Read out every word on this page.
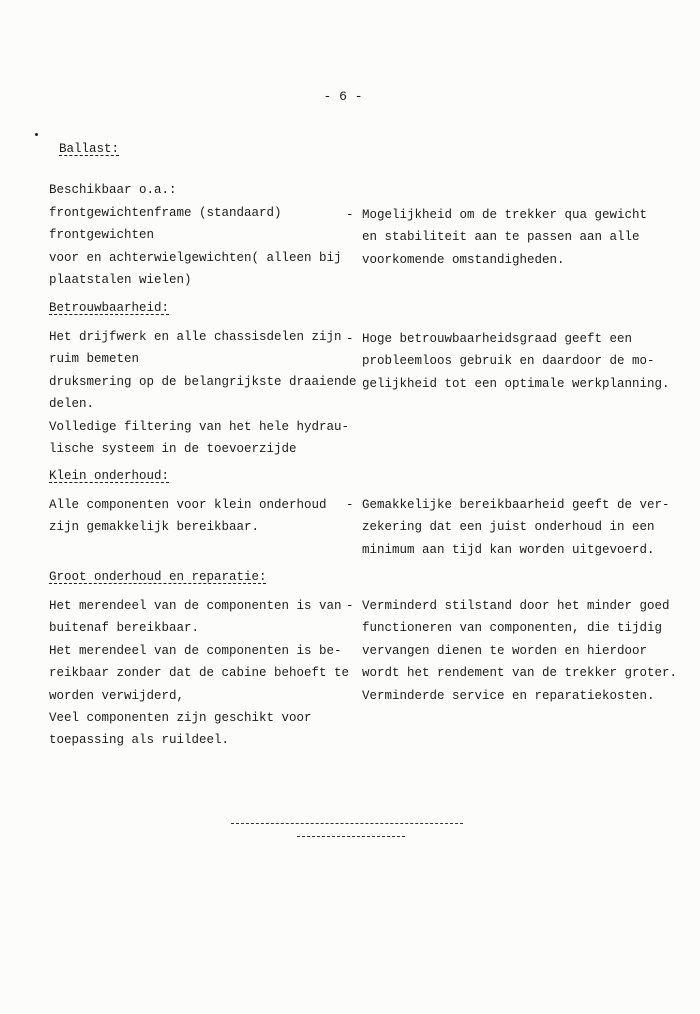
- 6 -
Ballast:
Beschikbaar o.a.:
frontgewichtenframe (standaard)
frontgewichten
voor en achterwielgewichten( alleen bij
plaatstalen wielen)
- Mogelijkheid om de trekker qua gewicht
en stabiliteit aan te passen aan alle
voorkomende omstandigheden.
Betrouwbaarheid:
Het drijfwerk en alle chassisdelen zijn
ruim bemeten
druksmering op de belangrijkste draaiende
delen.
Volledige filtering van het hele hydrau-
lische systeem in de toevoerzijde
- Hoge betrouwbaarheidsgraad geeft een
probleemloos gebruik en daardoor de mo-
gelijkheid tot een optimale werkplanning.
Klein onderhoud:
Alle componenten voor klein onderhoud
zijn gemakkelijk bereikbaar.
- Gemakkelijke bereikbaarheid geeft de ver-
zekering dat een juist onderhoud in een
minimum aan tijd kan worden uitgevoerd.
Groot onderhoud en reparatie:
Het merendeel van de componenten is van
buitenaf bereikbaar.
Het merendeel van de componenten is be-
reikbaar zonder dat de cabine behoeft te
worden verwijderd,
Veel componenten zijn geschikt voor
toepassing als ruildeel.
- Verminderd stilstand door het minder goed
functioneren van componenten, die tijdig
vervangen dienen te worden en hierdoor
wordt het rendement van de trekker groter.
Verminderde service en reparatiekosten.
